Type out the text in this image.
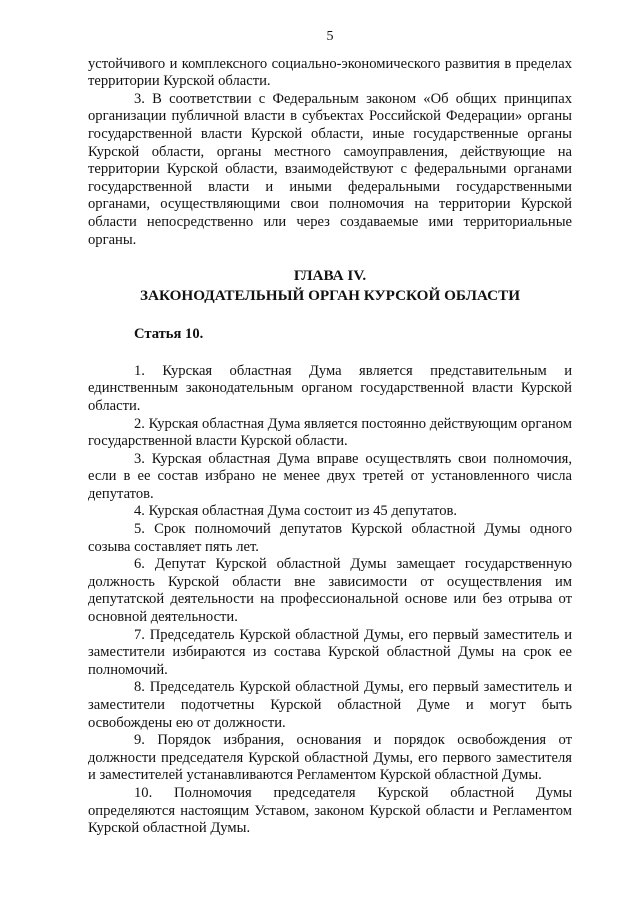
5

устойчивого и комплексного социально-экономического развития в пределах территории Курской области.

3. В соответствии с Федеральным законом «Об общих принципах организации публичной власти в субъектах Российской Федерации» органы государственной власти Курской области, иные государственные органы Курской области, органы местного самоуправления, действующие на территории Курской области, взаимодействуют с федеральными органами государственной власти и иными федеральными государственными органами, осуществляющими свои полномочия на территории Курской области непосредственно или через создаваемые ими территориальные органы.

ГЛАВА IV.
ЗАКОНОДАТЕЛЬНЫЙ ОРГАН КУРСКОЙ ОБЛАСТИ
Статья 10.

1. Курская областная Дума является представительным и единственным законодательным органом государственной власти Курской области.

2. Курская областная Дума является постоянно действующим органом государственной власти Курской области.

3. Курская областная Дума вправе осуществлять свои полномочия, если в ее состав избрано не менее двух третей от установленного числа депутатов.

4. Курская областная Дума состоит из 45 депутатов.

5. Срок полномочий депутатов Курской областной Думы одного созыва составляет пять лет.

6. Депутат Курской областной Думы замещает государственную должность Курской области вне зависимости от осуществления им депутатской деятельности на профессиональной основе или без отрыва от основной деятельности.

7. Председатель Курской областной Думы, его первый заместитель и заместители избираются из состава Курской областной Думы на срок ее полномочий.

8. Председатель Курской областной Думы, его первый заместитель и заместители подотчетны Курской областной Думе и могут быть освобождены ею от должности.

9. Порядок избрания, основания и порядок освобождения от должности председателя Курской областной Думы, его первого заместителя и заместителей устанавливаются Регламентом Курской областной Думы.

10. Полномочия председателя Курской областной Думы определяются настоящим Уставом, законом Курской области и Регламентом Курской областной Думы.
